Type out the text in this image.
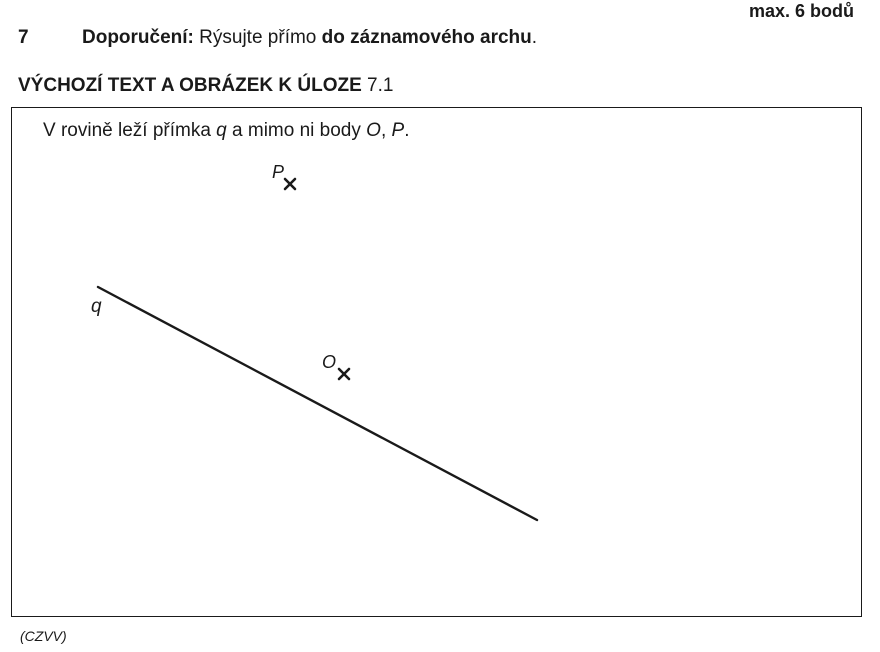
max. 6 bodů
7	Doporučení: Rýsujte přímo do záznamového archu.
VÝCHOZÍ TEXT A OBRÁZEK K ÚLOZE 7.1
V rovině leží přímka q a mimo ni body O, P.
q
P
O
(CZVV)
